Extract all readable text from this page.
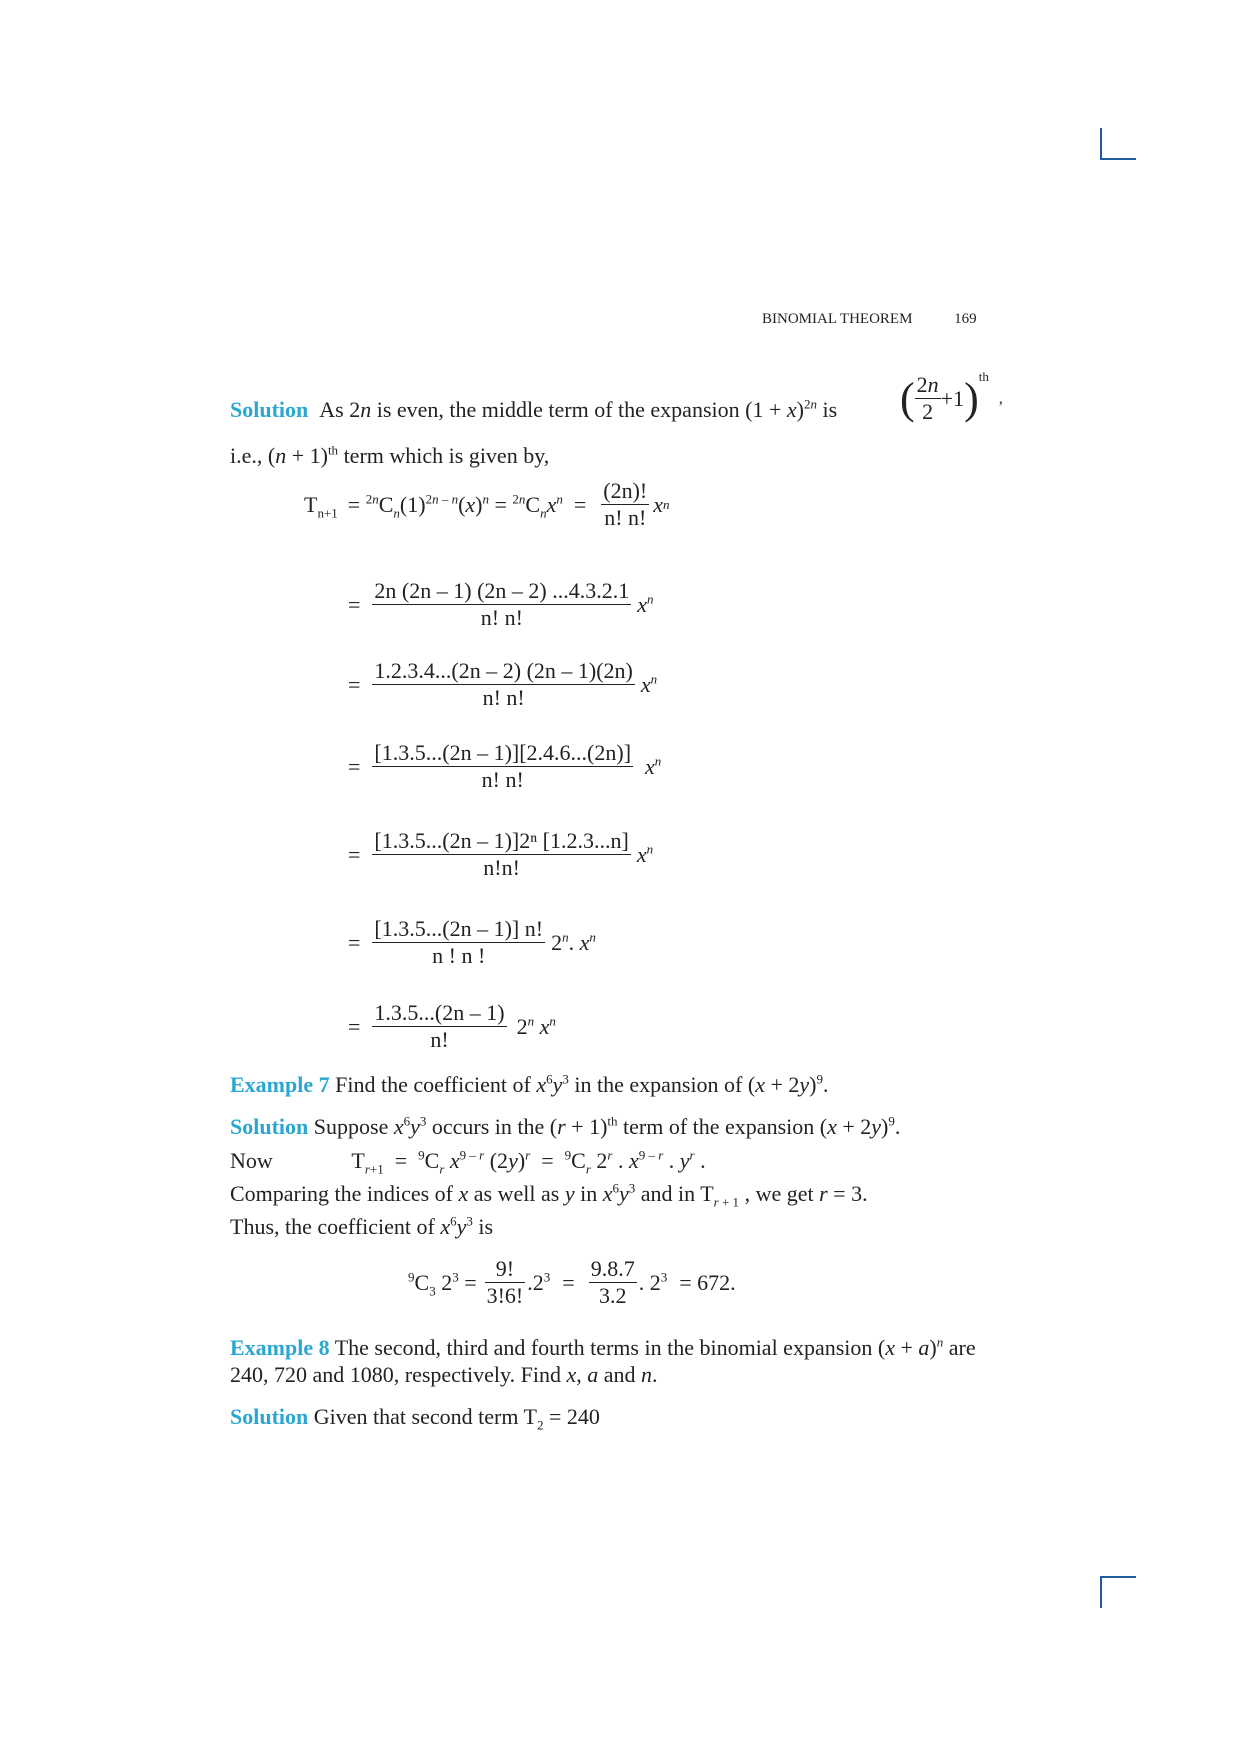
BINOMIAL THEOREM	169
Solution As 2n is even, the middle term of the expansion $(1 + x)^{2n}$ is ( $\frac{2n}{2} +1$ )$^{th}$
,
i.e., $(n + 1)^{th}$ term which is given by,
$T_{n+1} = ^{2n}C_n(1)^{2n - n}(x)^n = ^{2n}C_nx^n = \frac{(2n)!}{n! n!}$ x n
= $\frac{2n (2n - 1) (2n - 2) ...4.3.2.1}{n! n!} x^n$
= $\frac{1.2.3.4...(2n - 2) (2n - 1)(2n)}{n! n!} x^n$
= $\frac{[1.3.5...(2n - 1)][2.4.6...(2n)]}{n! n!} x^n$
= $\frac{\text{[1.3.5...(2n – 1)]2ⁿ [1.2.3...n]}}{n!n!} x^n$
= $\frac{[1.3.5...(2n - 1)] n!}{n ! n !} 2^n$. $x^n$
= $\frac{1.3.5...(2n - 1)}{n!} 2^n$ $x^n$
Example 7 Find the coefficient of $x^6y^3$ in the expansion of $(x + 2y)^9$.
Solution Suppose $x^6y^3$ occurs in the $(r + 1)^{th}$ term of the expansion $(x + 2y)^9$.
Now	$T_{r+1} = ^9C_r$ $x^{9 - r}$ $(2y)^r = ^9C_r$ 2$^r$ . $x^{9 - r}$ . $y^r$ .
Comparing the indices of x as well as y in $x^6y^3$ and in $T_{r + 1}$ , we get r = 3.
Thus, the coefficient of $x^6y^3$ is
$^9C_3$ $2^3 = \frac{9!}{3!6!} .2^3 = \frac{9.8.7}{3.2}$ . $2^3 = 672$.
Example 8 The second, third and fourth terms in the binomial expansion $(x + a)^n$ are
240, 720 and 1080, respectively. Find x, a and n.
Solution Given that second term $T_2 = 240$
